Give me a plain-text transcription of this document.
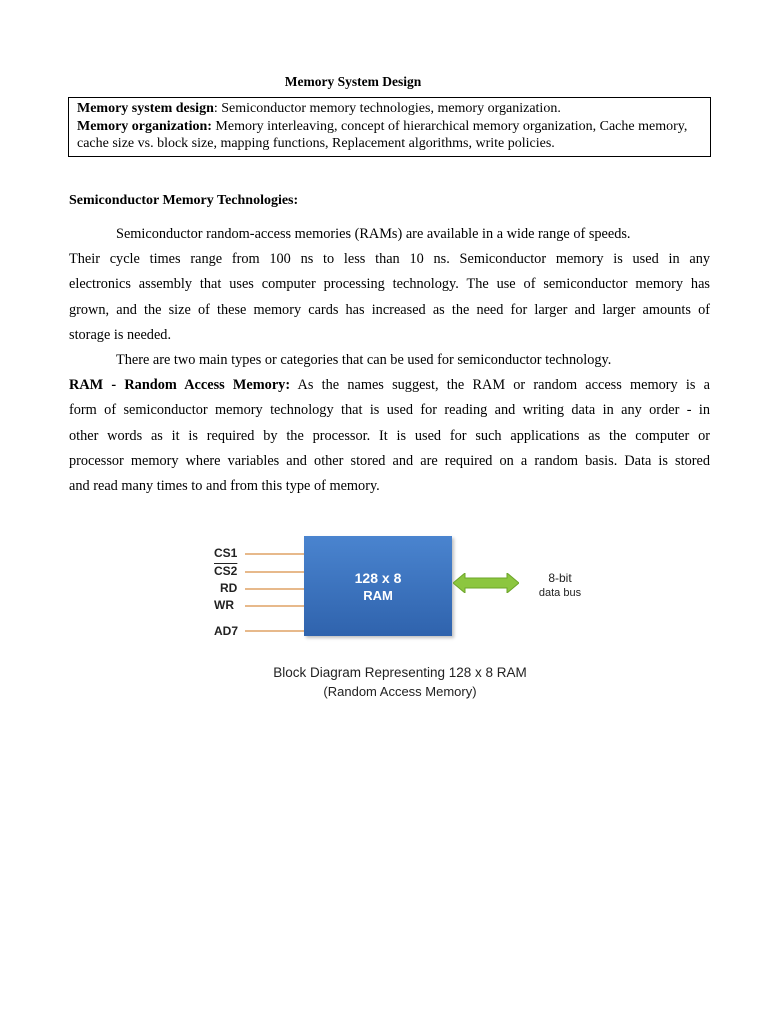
Memory System Design
Memory system design: Semiconductor memory technologies, memory organization.
Memory organization: Memory interleaving, concept of hierarchical memory organization, Cache memory, cache size vs. block size, mapping functions, Replacement algorithms, write policies.
Semiconductor Memory Technologies:

Semiconductor random-access memories (RAMs) are available in a wide range of speeds.
Their cycle times range from 100 ns to less than 10 ns. Semiconductor memory is used in any
electronics assembly that uses computer processing technology. The use of semiconductor memory has
grown, and the size of these memory cards has increased as the need for larger and larger amounts of
storage is needed.

There are two main types or categories that can be used for semiconductor technology.

RAM - Random Access Memory: As the names suggest, the RAM or random access memory is a
form of semiconductor memory technology that is used for reading and writing data in any order - in
other words as it is required by the processor. It is used for such applications as the computer or
processor memory where variables and other stored and are required on a random basis. Data is stored
and read many times to and from this type of memory.

CS1
CS2
RD
WR
AD7
128 x 8
RAM
8-bit
data bus
Block Diagram Representing 128 x 8 RAM
(Random Access Memory)
